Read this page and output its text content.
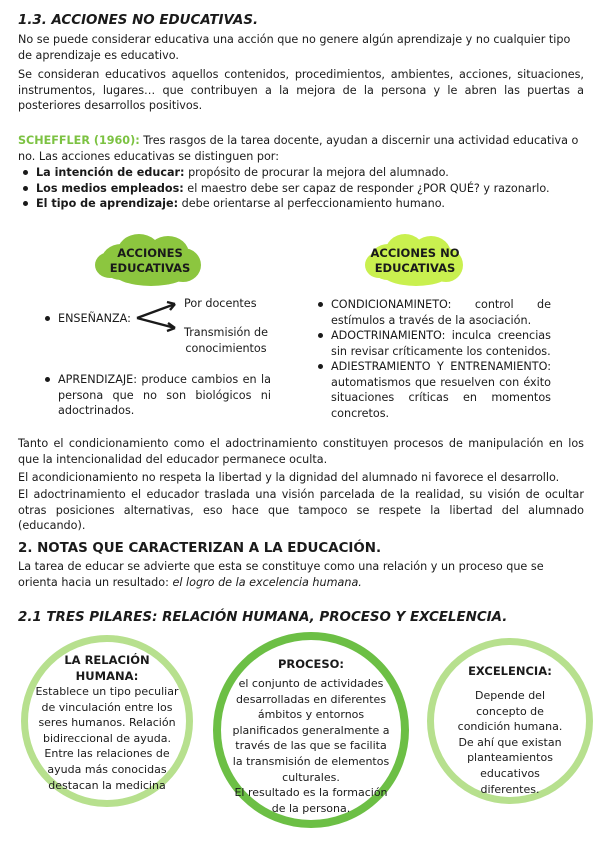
1.3. ACCIONES NO EDUCATIVAS.

No se puede considerar educativa una acción que no genere algún aprendizaje y no cualquier tipo de aprendizaje es educativo.

Se consideran educativos aquellos contenidos, procedimientos, ambientes, acciones, situaciones, instrumentos, lugares… que contribuyen a la mejora de la persona y le abren las puertas a posteriores desarrollos positivos.

SCHEFFLER (1960): Tres rasgos de la tarea docente, ayudan a discernir una actividad educativa o no. Las acciones educativas se distinguen por:

La intención de educar: propósito de procurar la mejora del alumnado.
Los medios empleados: el maestro debe ser capaz de responder ¿POR QUÉ? y razonarlo.
El tipo de aprendizaje: debe orientarse al perfeccionamiento humano.
ACCIONES
EDUCATIVAS
ACCIONES NO
EDUCATIVAS
ENSEÑANZA:

Por docentes

Transmisión de
conocimientos

APRENDIZAJE: produce cambios en la persona que no son biológicos ni adoctrinados.
CONDICIONAMINETO: control de estímulos a través de la asociación.
ADOCTRINAMIENTO: inculca creencias sin revisar críticamente los contenidos.
ADIESTRAMIENTO Y ENTRENAMIENTO: automatismos que resuelven con éxito situaciones críticas en momentos concretos.

Tanto el condicionamiento como el adoctrinamiento constituyen procesos de manipulación en los que la intencionalidad del educador permanece oculta.

El acondicionamiento no respeta la libertad y la dignidad del alumnado ni favorece el desarrollo.

El adoctrinamiento el educador traslada una visión parcelada de la realidad, su visión de ocultar otras posiciones alternativas, eso hace que tampoco se respete la libertad del alumnado (educando).

2. NOTAS QUE CARACTERIZAN A LA EDUCACIÓN.

La tarea de educar se advierte que esta se constituye como una relación y un proceso que se orienta hacia un resultado: el logro de la excelencia humana.

2.1 TRES PILARES: RELACIÓN HUMANA, PROCESO Y EXCELENCIA.
LA RELACIÓN
HUMANA:
Establece un tipo peculiar
de vinculación entre los
seres humanos. Relación
bidireccional de ayuda.
Entre las relaciones de
ayuda más conocidas
destacan la medicina
PROCESO:
el conjunto de actividades
desarrolladas en diferentes
ámbitos y entornos
planificados generalmente a
través de las que se facilita
la transmisión de elementos
culturales.
El resultado es la formación
de la persona.
EXCELENCIA:
Depende del
concepto de
condición humana.
De ahí que existan
planteamientos
educativos
diferentes.
